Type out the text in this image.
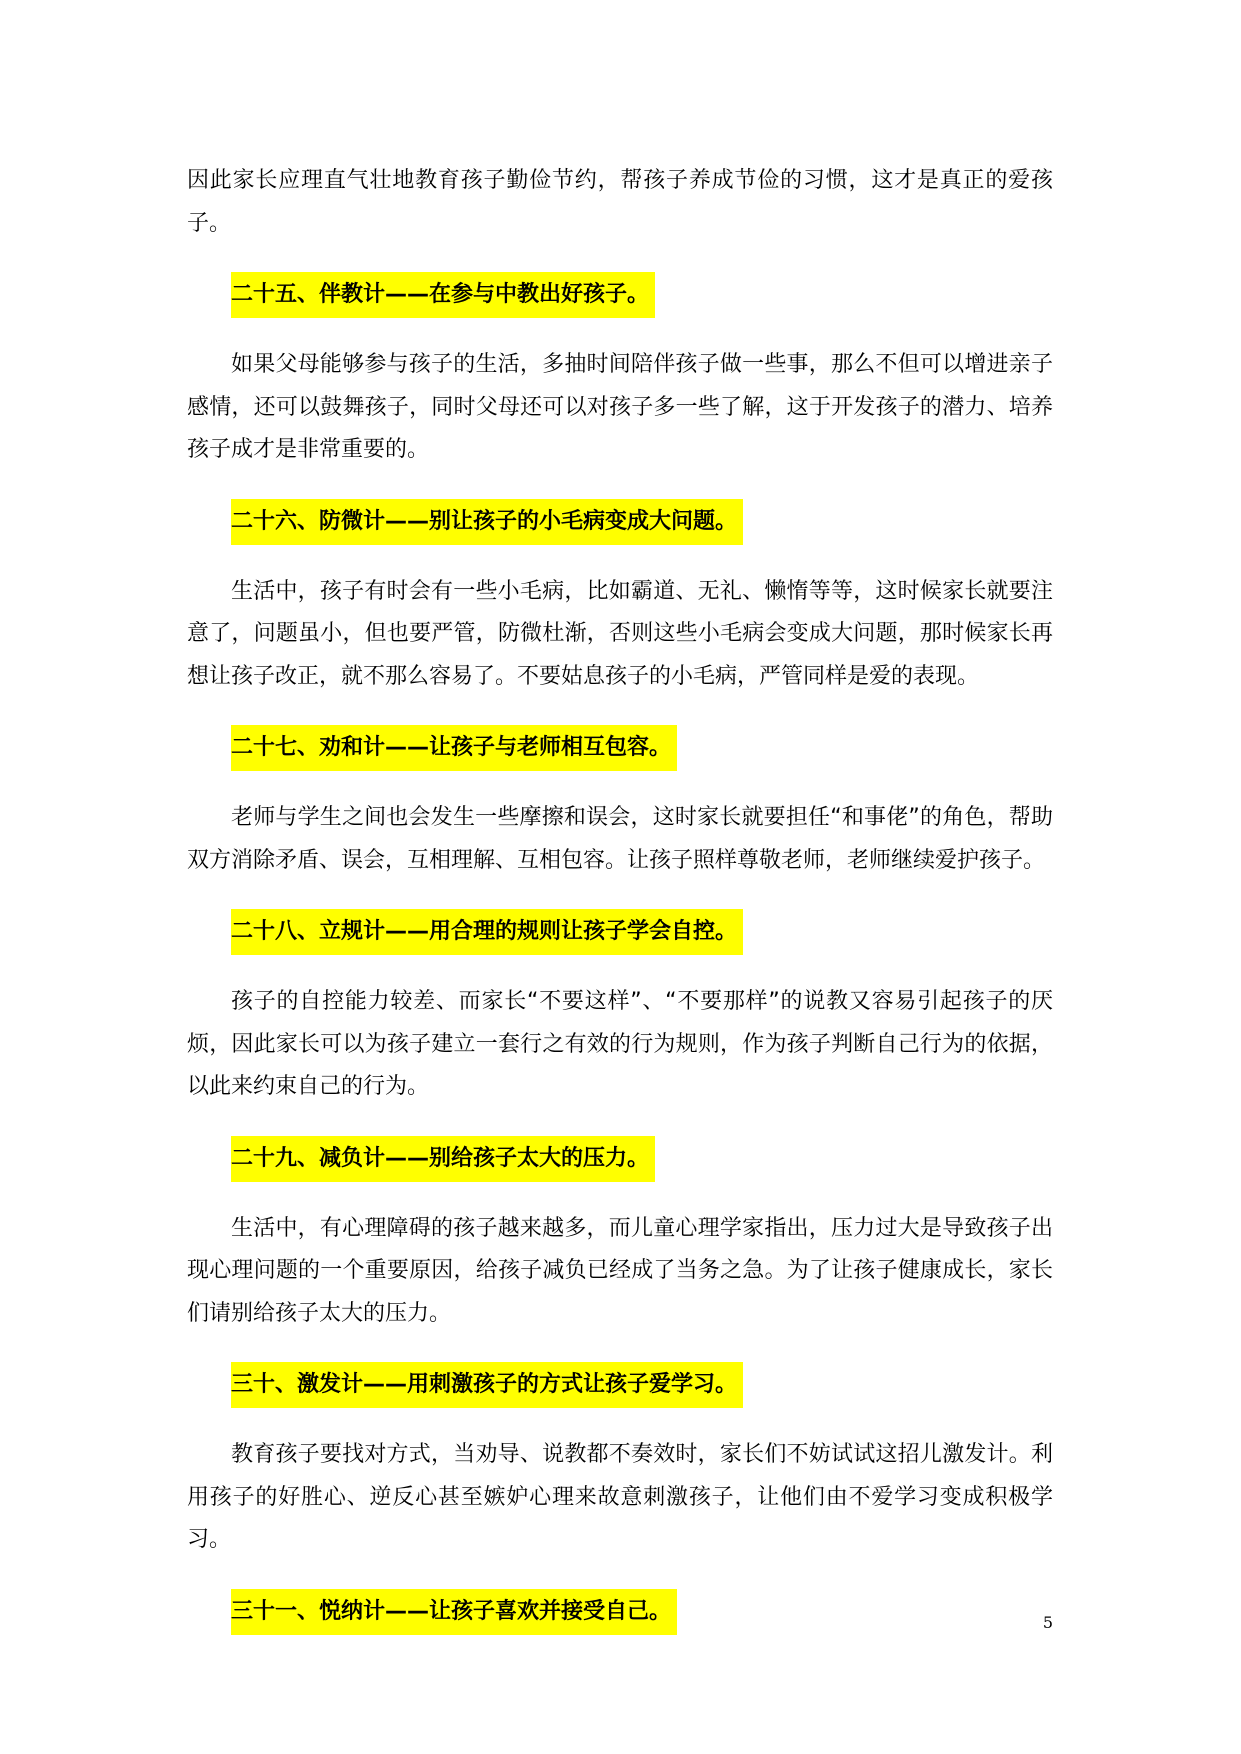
因此家长应理直气壮地教育孩子勤俭节约，帮孩子养成节俭的习惯，这才是真正的爱孩子。

二十五、伴教计——在参与中教出好孩子。

如果父母能够参与孩子的生活，多抽时间陪伴孩子做一些事，那么不但可以增进亲子感情，还可以鼓舞孩子，同时父母还可以对孩子多一些了解，这于开发孩子的潜力、培养孩子成才是非常重要的。

二十六、防微计——别让孩子的小毛病变成大问题。

生活中，孩子有时会有一些小毛病，比如霸道、无礼、懒惰等等，这时候家长就要注意了，问题虽小，但也要严管，防微杜渐，否则这些小毛病会变成大问题，那时候家长再想让孩子改正，就不那么容易了。不要姑息孩子的小毛病，严管同样是爱的表现。

二十七、劝和计——让孩子与老师相互包容。

老师与学生之间也会发生一些摩擦和误会，这时家长就要担任“和事佬”的角色，帮助双方消除矛盾、误会，互相理解、互相包容。让孩子照样尊敬老师，老师继续爱护孩子。

二十八、立规计——用合理的规则让孩子学会自控。

孩子的自控能力较差、而家长“不要这样”、“不要那样”的说教又容易引起孩子的厌烦，因此家长可以为孩子建立一套行之有效的行为规则，作为孩子判断自己行为的依据，以此来约束自己的行为。

二十九、减负计——别给孩子太大的压力。

生活中，有心理障碍的孩子越来越多，而儿童心理学家指出，压力过大是导致孩子出现心理问题的一个重要原因，给孩子减负已经成了当务之急。为了让孩子健康成长，家长们请别给孩子太大的压力。

三十、激发计——用刺激孩子的方式让孩子爱学习。

教育孩子要找对方式，当劝导、说教都不奏效时，家长们不妨试试这招儿激发计。利用孩子的好胜心、逆反心甚至嫉妒心理来故意刺激孩子，让他们由不爱学习变成积极学习。

三十一、悦纳计——让孩子喜欢并接受自己。	5
